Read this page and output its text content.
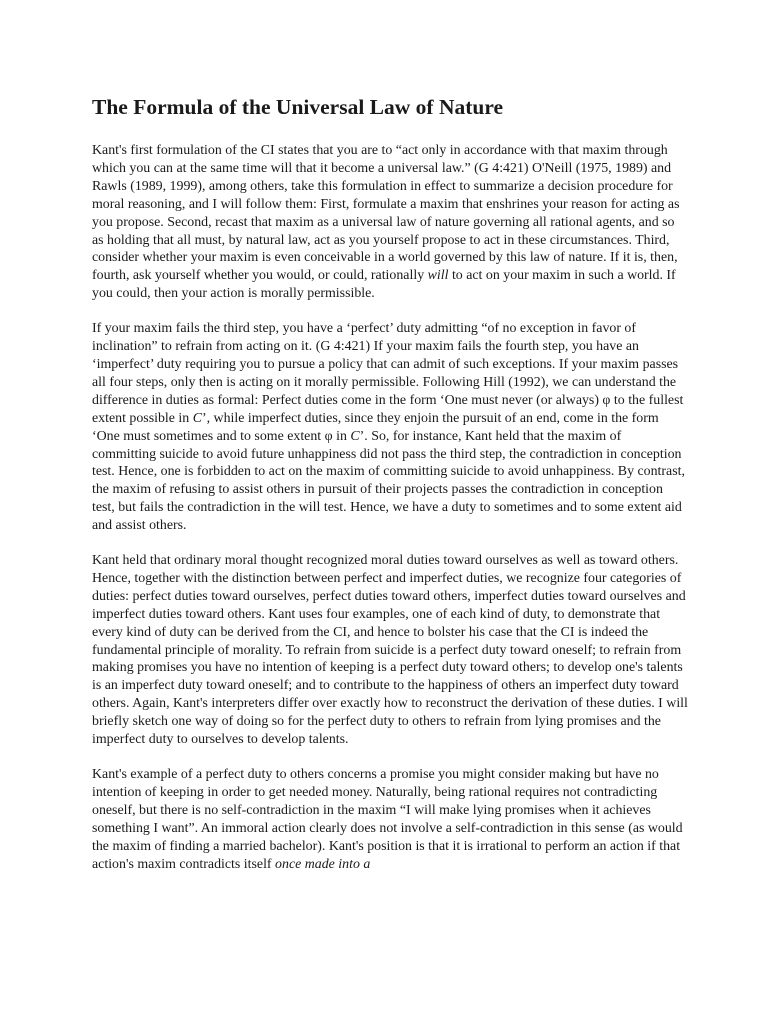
The Formula of the Universal Law of Nature

Kant's first formulation of the CI states that you are to “act only in accordance with that maxim through which you can at the same time will that it become a universal law.” (G 4:421) O'Neill (1975, 1989) and Rawls (1989, 1999), among others, take this formulation in effect to summarize a decision procedure for moral reasoning, and I will follow them: First, formulate a maxim that enshrines your reason for acting as you propose. Second, recast that maxim as a universal law of nature governing all rational agents, and so as holding that all must, by natural law, act as you yourself propose to act in these circumstances. Third, consider whether your maxim is even conceivable in a world governed by this law of nature. If it is, then, fourth, ask yourself whether you would, or could, rationally will to act on your maxim in such a world. If you could, then your action is morally permissible.

If your maxim fails the third step, you have a ‘perfect’ duty admitting “of no exception in favor of inclination” to refrain from acting on it. (G 4:421) If your maxim fails the fourth step, you have an ‘imperfect’ duty requiring you to pursue a policy that can admit of such exceptions. If your maxim passes all four steps, only then is acting on it morally permissible. Following Hill (1992), we can understand the difference in duties as formal: Perfect duties come in the form ‘One must never (or always) φ to the fullest extent possible in C’, while imperfect duties, since they enjoin the pursuit of an end, come in the form ‘One must sometimes and to some extent φ in C’. So, for instance, Kant held that the maxim of committing suicide to avoid future unhappiness did not pass the third step, the contradiction in conception test. Hence, one is forbidden to act on the maxim of committing suicide to avoid unhappiness. By contrast, the maxim of refusing to assist others in pursuit of their projects passes the contradiction in conception test, but fails the contradiction in the will test. Hence, we have a duty to sometimes and to some extent aid and assist others.

Kant held that ordinary moral thought recognized moral duties toward ourselves as well as toward others. Hence, together with the distinction between perfect and imperfect duties, we recognize four categories of duties: perfect duties toward ourselves, perfect duties toward others, imperfect duties toward ourselves and imperfect duties toward others. Kant uses four examples, one of each kind of duty, to demonstrate that every kind of duty can be derived from the CI, and hence to bolster his case that the CI is indeed the fundamental principle of morality. To refrain from suicide is a perfect duty toward oneself; to refrain from making promises you have no intention of keeping is a perfect duty toward others; to develop one's talents is an imperfect duty toward oneself; and to contribute to the happiness of others an imperfect duty toward others. Again, Kant's interpreters differ over exactly how to reconstruct the derivation of these duties. I will briefly sketch one way of doing so for the perfect duty to others to refrain from lying promises and the imperfect duty to ourselves to develop talents.

Kant's example of a perfect duty to others concerns a promise you might consider making but have no intention of keeping in order to get needed money. Naturally, being rational requires not contradicting oneself, but there is no self-contradiction in the maxim “I will make lying promises when it achieves something I want”. An immoral action clearly does not involve a self-contradiction in this sense (as would the maxim of finding a married bachelor). Kant's position is that it is irrational to perform an action if that action's maxim contradicts itself once made into a
